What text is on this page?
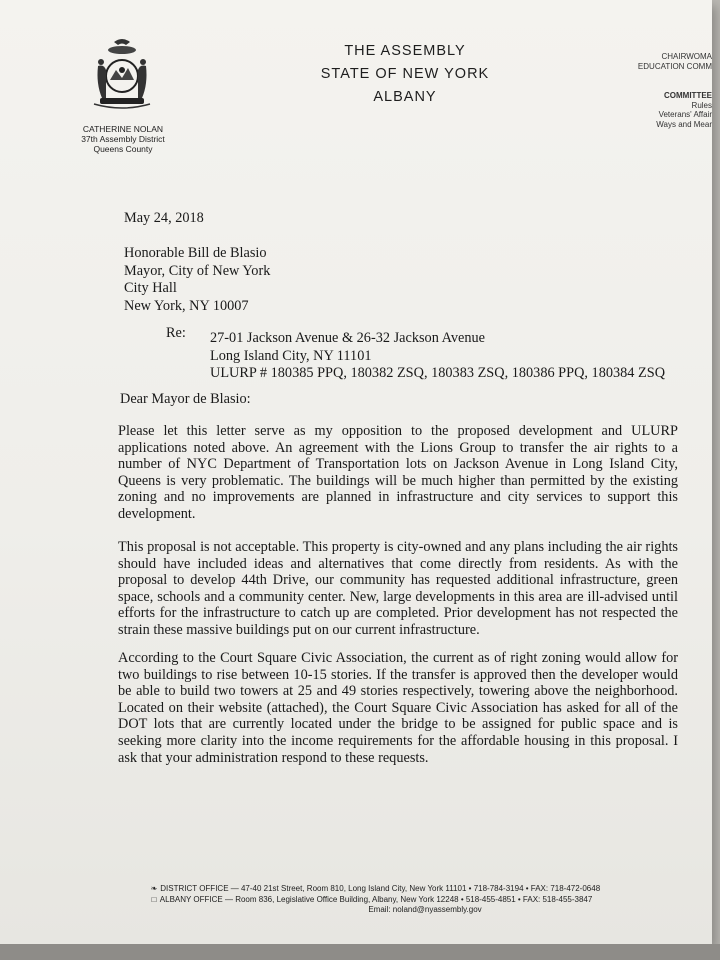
CATHERINE NOLAN
37th Assembly District
Queens County
THE ASSEMBLY
STATE OF NEW YORK
ALBANY
CHAIRWOMA
EDUCATION COMM
COMMITTEE
Rules
Veterans' Affair
Ways and Mear
May 24, 2018
Honorable Bill de Blasio
Mayor, City of New York
City Hall
New York, NY 10007
Re: 27-01 Jackson Avenue & 26-32 Jackson Avenue
Long Island City, NY 11101
ULURP # 180385 PPQ, 180382 ZSQ, 180383 ZSQ, 180386 PPQ, 180384 ZSQ
Dear Mayor de Blasio:
Please let this letter serve as my opposition to the proposed development and ULURP applications noted above. An agreement with the Lions Group to transfer the air rights to a number of NYC Department of Transportation lots on Jackson Avenue in Long Island City, Queens is very problematic. The buildings will be much higher than permitted by the existing zoning and no improvements are planned in infrastructure and city services to support this development.
This proposal is not acceptable. This property is city-owned and any plans including the air rights should have included ideas and alternatives that come directly from residents. As with the proposal to develop 44th Drive, our community has requested additional infrastructure, green space, schools and a community center. New, large developments in this area are ill-advised until efforts for the infrastructure to catch up are completed. Prior development has not respected the strain these massive buildings put on our current infrastructure.
According to the Court Square Civic Association, the current as of right zoning would allow for two buildings to rise between 10-15 stories. If the transfer is approved then the developer would be able to build two towers at 25 and 49 stories respectively, towering above the neighborhood. Located on their website (attached), the Court Square Civic Association has asked for all of the DOT lots that are currently located under the bridge to be assigned for public space and is seeking more clarity into the income requirements for the affordable housing in this proposal. I ask that your administration respond to these requests.
❧ DISTRICT OFFICE — 47-40 21st Street, Room 810, Long Island City, New York 11101 • 718-784-3194 • FAX: 718-472-0648
□ ALBANY OFFICE — Room 836, Legislative Office Building, Albany, New York 12248 • 518-455-4851 • FAX: 518-455-3847
Email: noland@nyassembly.gov
